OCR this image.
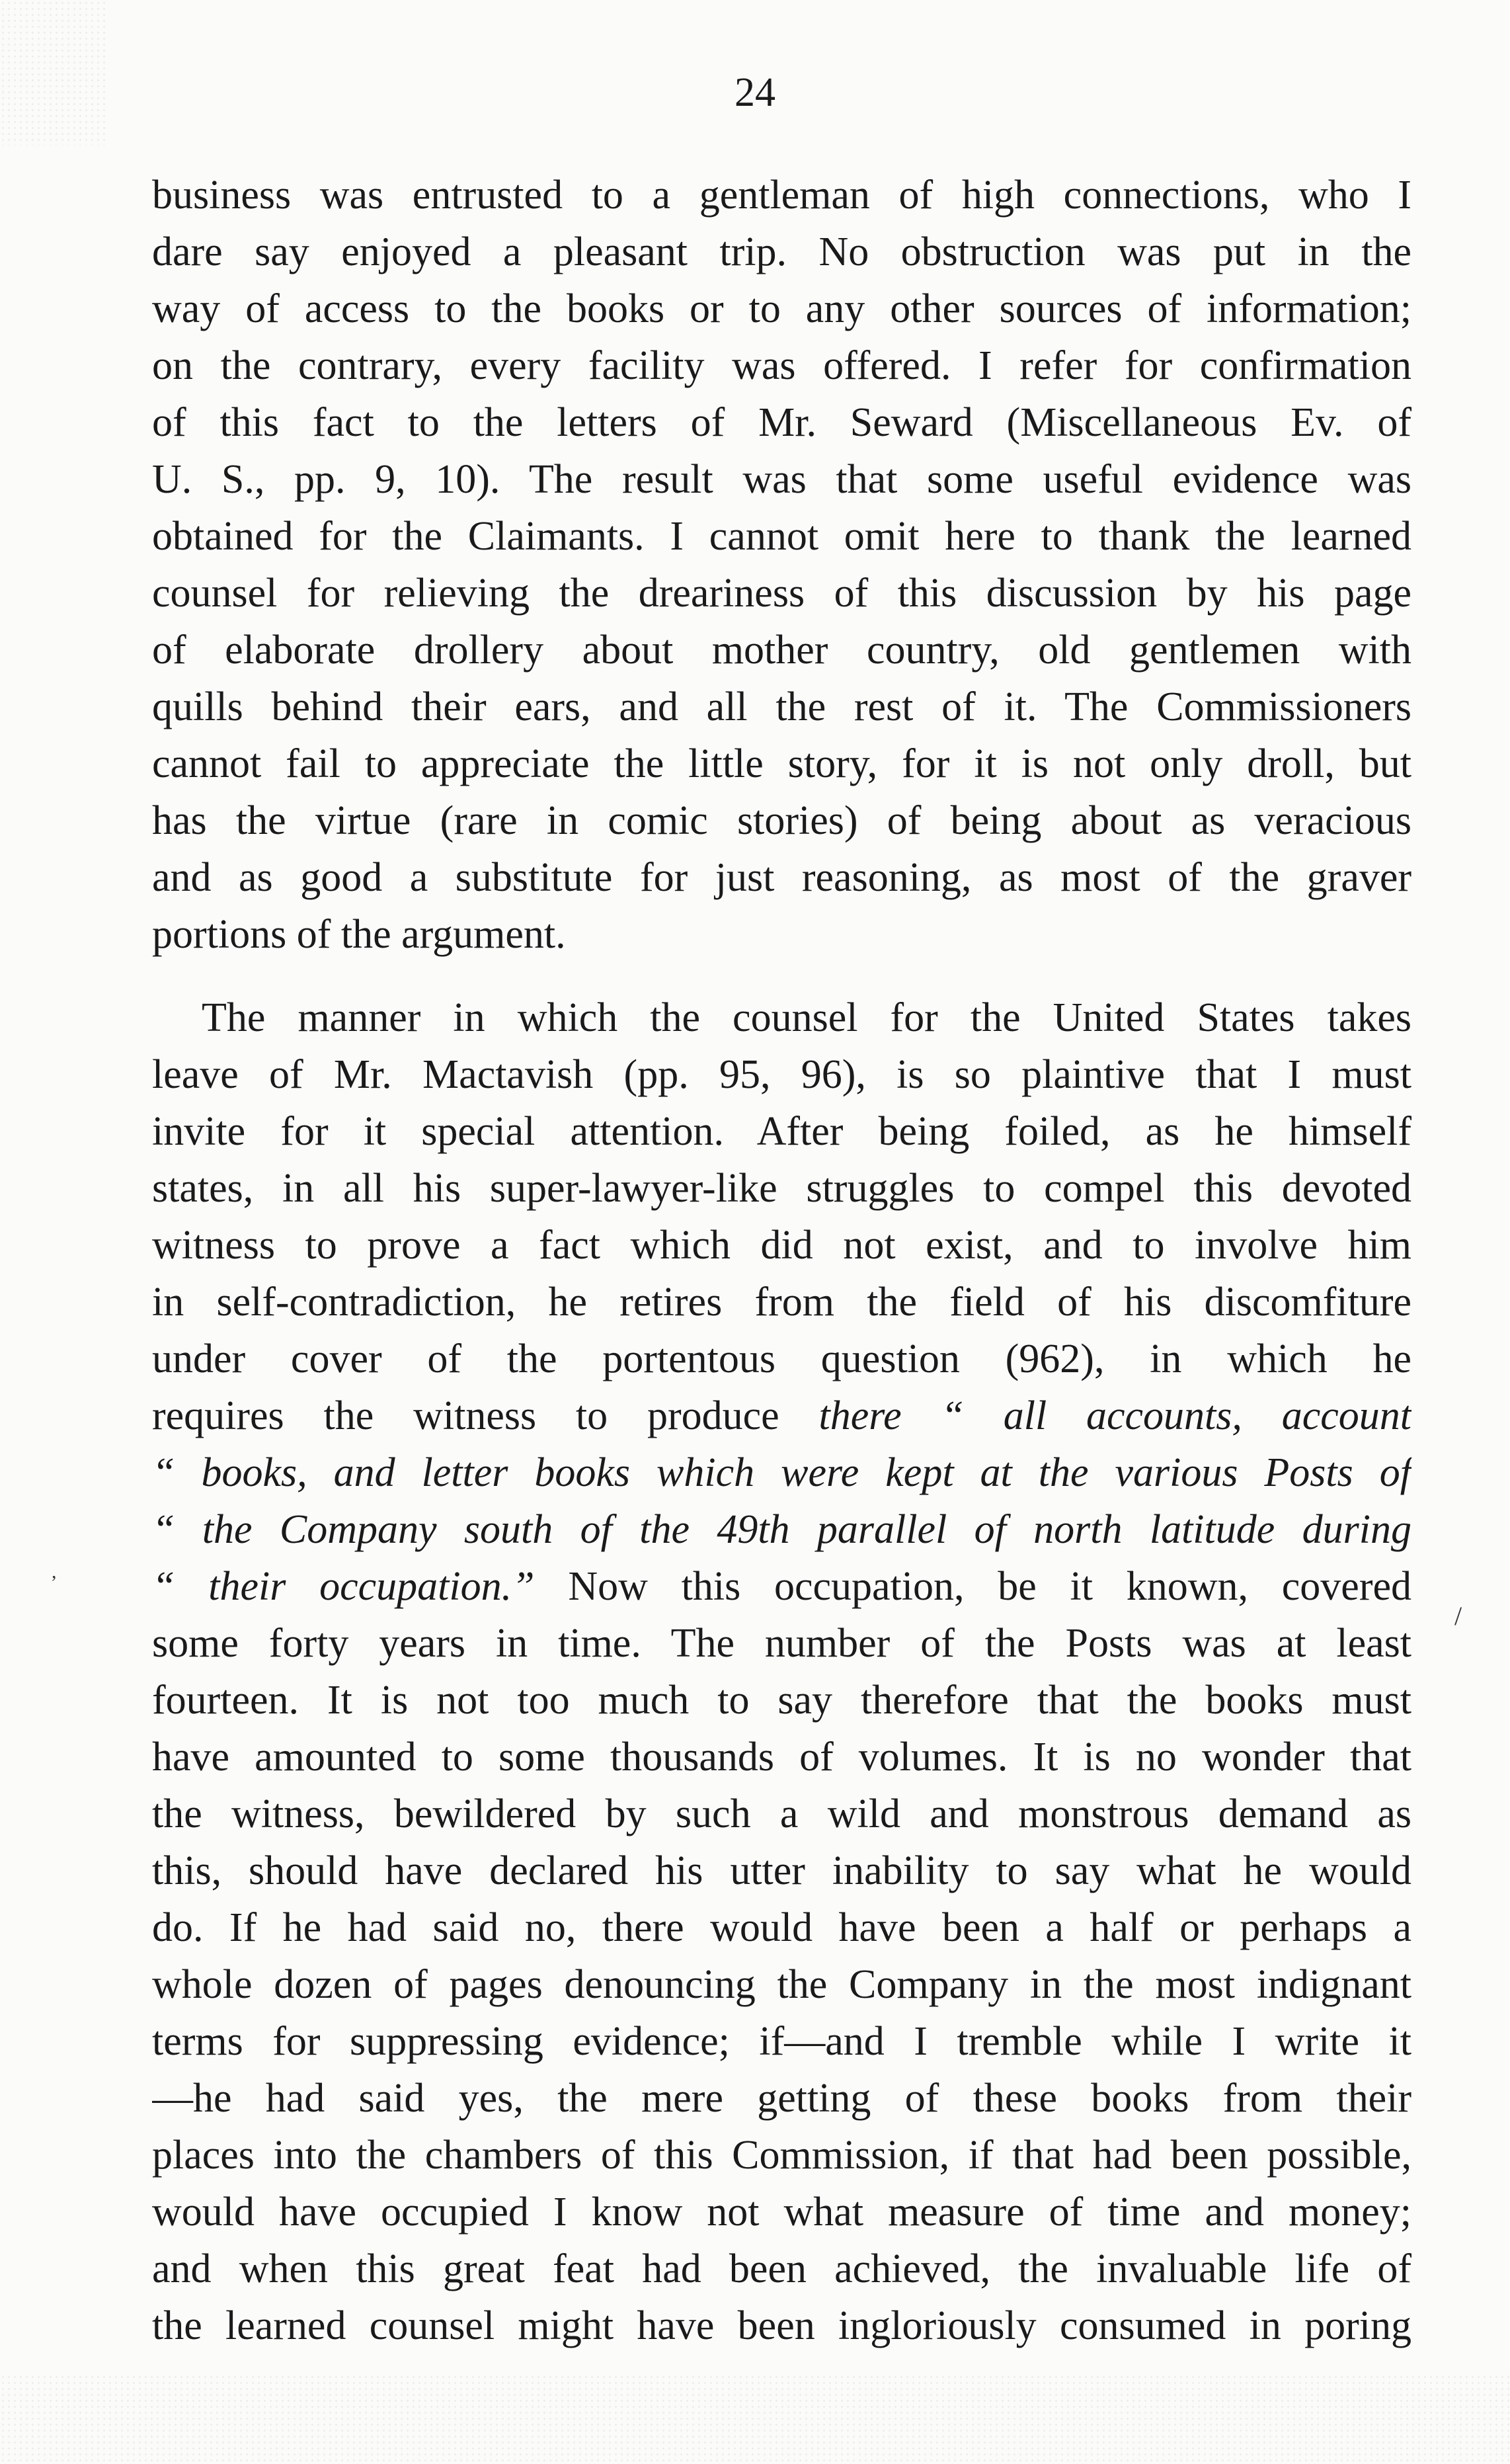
24
business was entrusted to a gentleman of high connections, who I
dare say enjoyed a pleasant trip. No obstruction was put in the
way of access to the books or to any other sources of information;
on the contrary, every facility was offered. I refer for confirmation
of this fact to the letters of Mr. Seward (Miscellaneous Ev. of
U. S., pp. 9, 10). The result was that some useful evidence was
obtained for the Claimants. I cannot omit here to thank the learned
counsel for relieving the dreariness of this discussion by his page
of elaborate drollery about mother country, old gentlemen with
quills behind their ears, and all the rest of it. The Commissioners
cannot fail to appreciate the little story, for it is not only droll, but
has the virtue (rare in comic stories) of being about as veracious
and as good a substitute for just reasoning, as most of the graver
portions of the argument.
The manner in which the counsel for the United States takes
leave of Mr. Mactavish (pp. 95, 96), is so plaintive that I must
invite for it special attention. After being foiled, as he himself
states, in all his super-lawyer-like struggles to compel this devoted
witness to prove a fact which did not exist, and to involve him
in self-contradiction, he retires from the field of his discomfiture
under cover of the portentous question (962), in which he
requires the witness to produce there “ all accounts, account
“ books, and letter books which were kept at the various Posts of
“ the Company south of the 49th parallel of north latitude during
“ their occupation.” Now this occupation, be it known, covered
some forty years in time. The number of the Posts was at least
fourteen. It is not too much to say therefore that the books must
have amounted to some thousands of volumes. It is no wonder that
the witness, bewildered by such a wild and monstrous demand as
this, should have declared his utter inability to say what he would
do. If he had said no, there would have been a half or perhaps a
whole dozen of pages denouncing the Company in the most indignant
terms for suppressing evidence; if—and I tremble while I write it
—he had said yes, the mere getting of these books from their
places into the chambers of this Commission, if that had been possible,
would have occupied I know not what measure of time and money;
and when this great feat had been achieved, the invaluable life of
the learned counsel might have been ingloriously consumed in poring
/
,
